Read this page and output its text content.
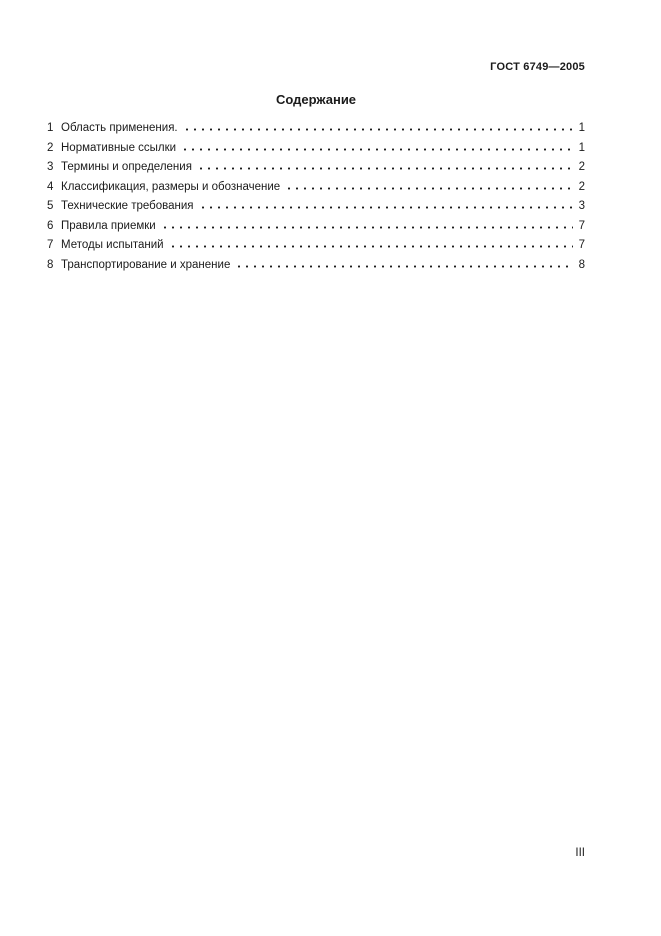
ГОСТ 6749—2005
Содержание
1 Область применения.	1
2 Нормативные ссылки	1
3 Термины и определения	2
4 Классификация, размеры и обозначение	2
5 Технические требования	3
6 Правила приемки	7
7 Методы испытаний	7
8 Транспортирование и хранение	8
III
